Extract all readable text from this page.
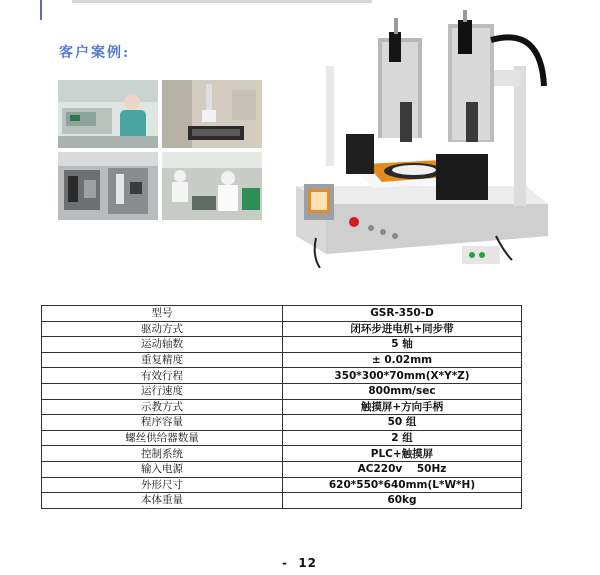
客户案例:
型号	GSR-350-D
驱动方式	闭环步进电机+同步带
运动轴数	5 轴
重复精度	± 0.02mm
有效行程	350*300*70mm(X*Y*Z)
运行速度	800mm/sec
示教方式	触摸屏+方向手柄
程序容量	50 组
螺丝供给器数量	2 组
控制系统	PLC+触摸屏
输入电源	AC220v    50Hz
外形尺寸	620*550*640mm(L*W*H)
本体重量	60kg
-  12
